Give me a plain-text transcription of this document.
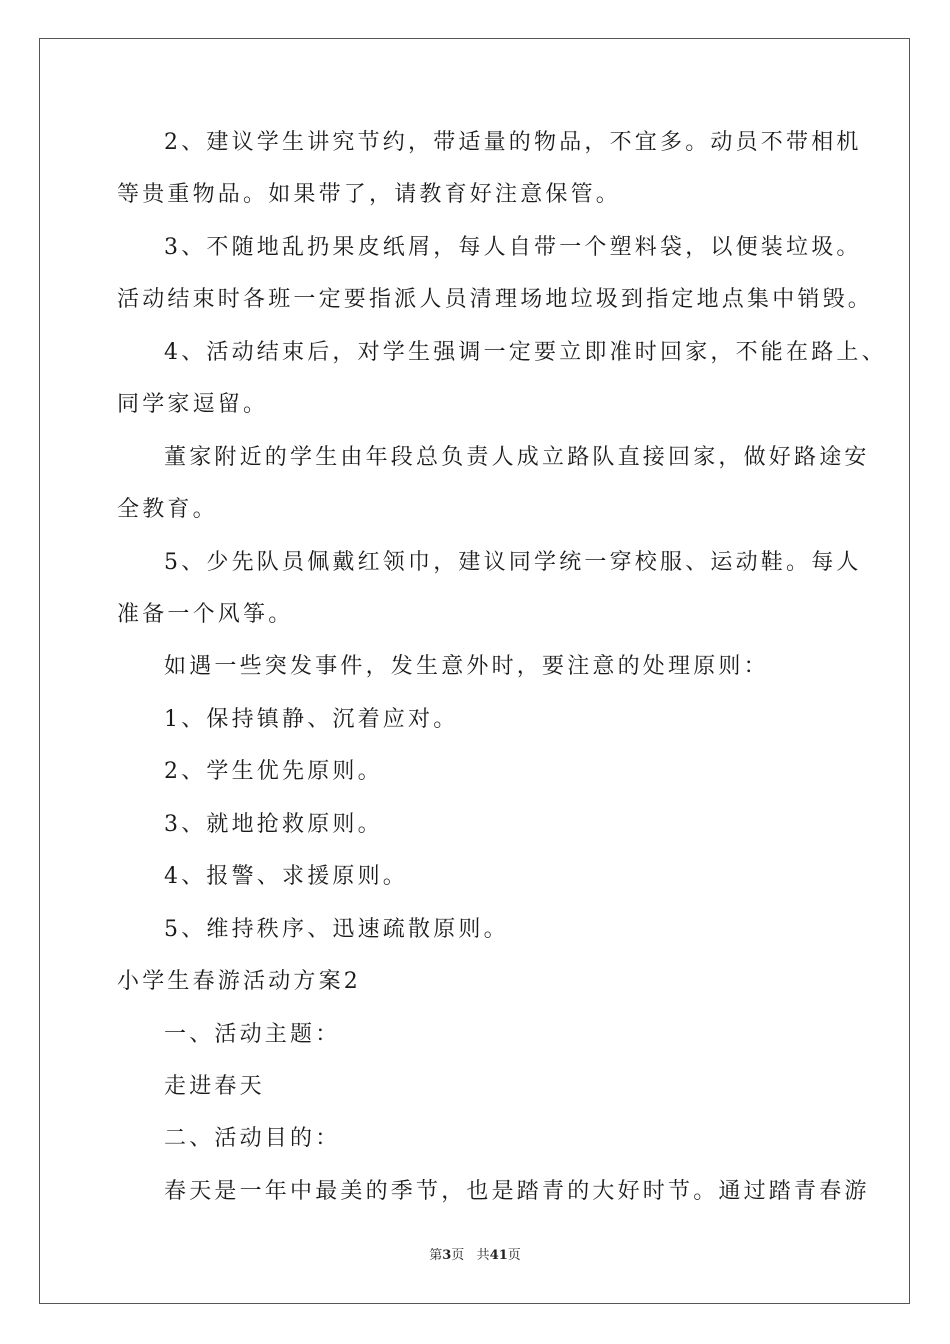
2、建议学生讲究节约，带适量的物品，不宜多。动员不带相机
等贵重物品。如果带了，请教育好注意保管。
3、不随地乱扔果皮纸屑，每人自带一个塑料袋，以便装垃圾。
活动结束时各班一定要指派人员清理场地垃圾到指定地点集中销毁。
4、活动结束后，对学生强调一定要立即准时回家，不能在路上、
同学家逗留。
董家附近的学生由年段总负责人成立路队直接回家，做好路途安
全教育。
5、少先队员佩戴红领巾，建议同学统一穿校服、运动鞋。每人
准备一个风筝。
如遇一些突发事件，发生意外时，要注意的处理原则：
1、保持镇静、沉着应对。
2、学生优先原则。
3、就地抢救原则。
4、报警、求援原则。
5、维持秩序、迅速疏散原则。
小学生春游活动方案2
一、活动主题：
走进春天
二、活动目的：
春天是一年中最美的季节，也是踏青的大好时节。通过踏青春游
第3页 共41页
